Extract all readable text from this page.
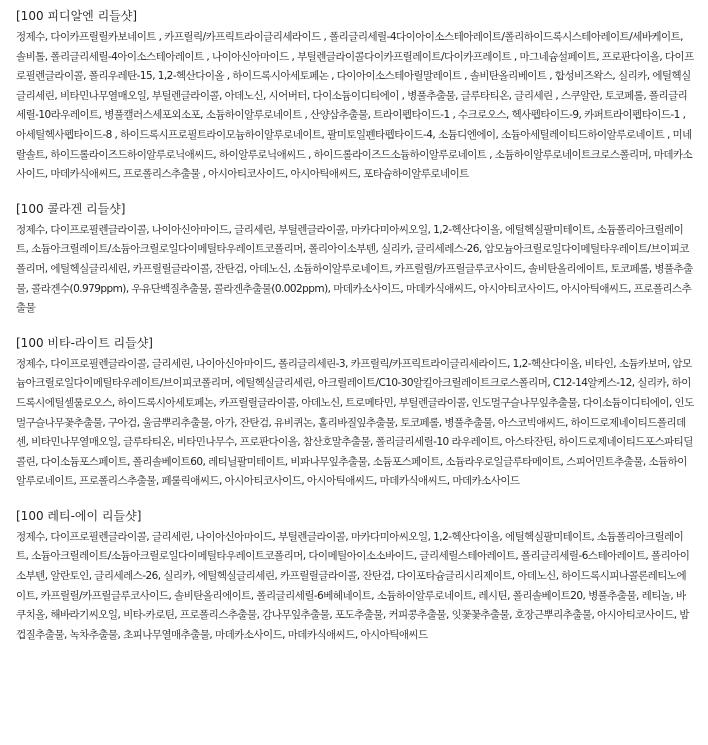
[100 피디알엔 리들샷]
정제수, 다이카프릴릴카보네이트 , 카프릴릭/카프릭트라이글리세라이드 , 폴리글리세릴-4다이아이소스테아레이트/폴리하이드록시스테아레이트/세바케이트, 솔비톨, 폴리글리세릴-4아이소스테아레이트 , 나이아신아마이드 , 부틸렌글라이콜다이카프릴레이트/다이카프레이트 , 마그네슘설페이트, 프로판다이올, 다이프로필렌글라이콜, 폴리우레탄-15, 1,2-헥산다이올 , 하이드록시아세토페논 , 다이아이소스테아릴말레이트 , 솔비탄올리베이트 , 합성비즈왁스, 실리카, 에틸헥실글리세린, 비타민나무열매오일, 부틸렌글라이콜, 아데노신, 시어버터, 다이소듐이디티에이 , 병풀추출물, 글루타티온, 글리세린 , 스쿠알란, 토코페롤, 폴리글리세릴-10라우레이트, 병풀캘러스세포외소포, 소듐하이알루로네이트 , 산양삼추출물, 트라이펩타이드-1 , 수크로오스, 헥사펩타이드-9, 카퍼트라이펩타이드-1 , 아세틸헥사펩타이드-8 , 하이드록시프로필트라이모늄하이알루로네이트, 팔미토일펜타펩타이드-4, 소듐디엔에이, 소듐아세틸레이티드하이알루로네이트 , 미네랄솔트, 하이드롤라이즈드하이알루로닉애씨드, 하이알루로닉애씨드 , 하이드롤라이즈드소듐하이알루로네이트 , 소듐하이알루로네이트크로스폴리머, 마데카소사이드, 마데카식애씨드, 프로폴리스추출물 , 아시아티코사이드, 아시아틱애씨드, 포타슘하이알루로네이트
[100 콜라겐 리들샷]
정제수, 다이프로필렌글라이콜, 나이아신아마이드, 글리세린, 부틸렌글라이콜, 마카다미아씨오일, 1,2-헥산다이올, 에틸헥실팔미테이트, 소듐폴리아크릴레이트, 소듐아크릴레이트/소듐아크릴로일다이메틸타우레이트코폴리머, 폴리아이소부텐, 실리카, 글리세레스-26, 암모늄아크릴로일다이메틸타우레이트/브이피코폴리머, 에틸헥실글리세린, 카프릴릴글라이콜, 잔탄검, 아데노신, 소듐하이알루로네이트, 카프릴릴/카프릴글루코사이드, 솔비탄올리에이트, 토코페롤, 병풀추출물, 콜라겐수(0.979ppm), 우유단백질추출물, 콜라겐추출물(0.002ppm), 마데카소사이드, 마데카식애씨드, 아시아티코사이드, 아시아틱애씨드, 프로폴리스추출물
[100 비타-라이트 리들샷]
정제수, 다이프로필렌글라이콜, 글리세린, 나이아신아마이드, 폴리글리세린-3, 카프릴릭/카프릭트라이글리세라이드, 1,2-헥산다이올, 비타인, 소듐카보머, 암모늄아크릴로일다이메틸타우레이트/브이피코폴리머, 에틸헥실글리세린, 아크릴레이트/C10-30알킬아크릴레이트크로스폴리머, C12-14알케스-12, 실리카, 하이드록시에틸셀룰로오스, 하이드록시아세토페논, 카프릴릴글라이콜, 아데노신, 트로메타민, 부틸렌글라이콜, 인도멀구슬나무잎추출물, 다이소듐이디티에이, 인도멀구슬나무꽃추출물, 구아검, 울금뿌리추출물, 아가, 잔탄검, 유비퀴논, 홀리바질잎추출물, 토코페롤, 병풀추출물, 아스코빅애씨드, 하이드로제네이티드폴리데센, 비타민나무열매오일, 글루타티온, 비타민나무수, 프로판다이올, 참산호말추출물, 폴리글리세릴-10 라우레이트, 아스타잔틴, 하이드로제네이티드포스파티딜콜린, 다이소듐포스페이트, 폴리솔베이트60, 레티닐팔미테이트, 비파나무잎추출물, 소듐포스페이트, 소듐라우로일글루타메이트, 스피어민트추출물, 소듐하이알루로네이트, 프로폴리스추출물, 페룰릭애씨드, 아시아티코사이드, 아시아틱애씨드, 마데카식애씨드, 마데카소사이드
[100 레티-에이 리들샷]
정제수, 다이프로필렌글라이콜, 글리세린, 나이아신아마이드, 부틸렌글라이콜, 마카다미아씨오일, 1,2-헥산다이올, 에틸헥실팔미테이트, 소듐폴리아크릴레이트, 소듐아크릴레이트/소듐아크릴로일다이메틸타우레이트코폴리머, 다이메틸아이소소바이드, 글리세릴스테아레이트, 폴리글리세릴-6스테아레이트, 폴리아이소부텐, 알란토인, 글리세레스-26, 실리카, 에틸헥실글리세린, 카프릴릴글라이콜, 잔탄검, 다이포타슘글리시리제이트, 아데노신, 하이드록시피나콜론레티노에이트, 카프릴릴/카프릴글루코사이드, 솔비탄올리에이트, 폴리글리세릴-6베헤네이트, 소듐하이알루로네이트, 레시틴, 폴리솔베이트20, 병풀추출물, 레티놀, 바쿠치올, 해바라기씨오일, 비타-카로틴, 프로폴리스추출물, 감나무잎추출물, 포도추출물, 커피콩추출물, 잇꽃꽃추출물, 호장근뿌리추출물, 아시아티코사이드, 밤껍질추출물, 녹차추출물, 초피나무열매추출물, 마데카소사이드, 마데카식애씨드, 아시아틱애씨드
